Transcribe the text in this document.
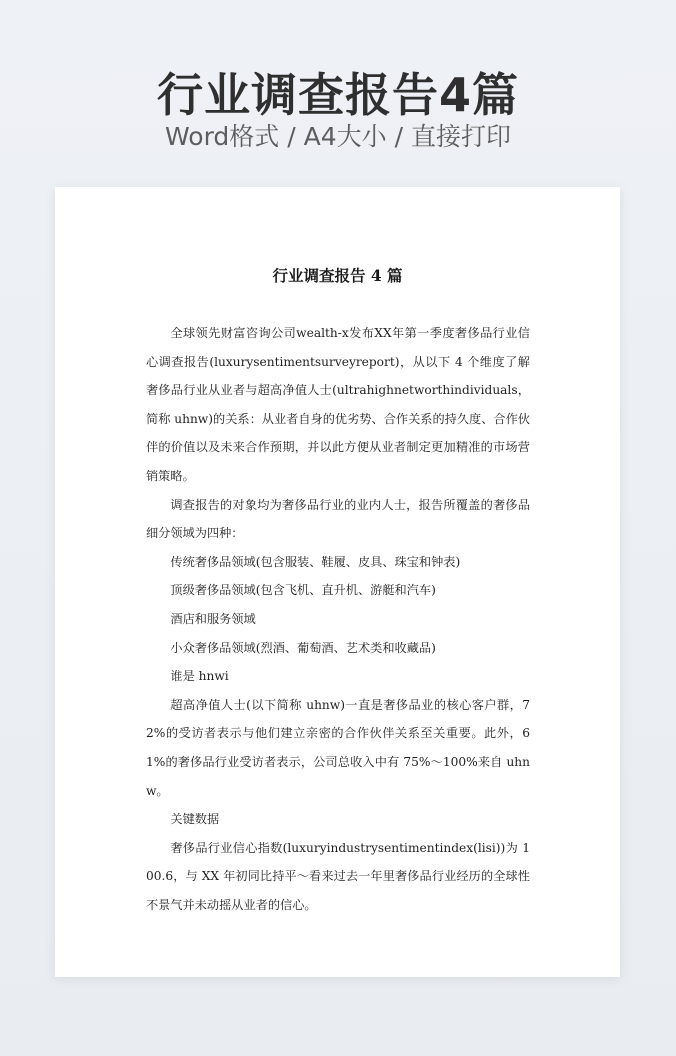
行业调查报告4篇
Word格式 / A4大小 / 直接打印
行业调查报告 4 篇

全球领先财富咨询公司wealth-x发布XX年第一季度奢侈品行业信心调查报告(luxurysentimentsurveyreport)，从以下 4 个维度了解奢侈品行业从业者与超高净值人士(ultrahighnetworthindividuals，简称 uhnw)的关系：从业者自身的优劣势、合作关系的持久度、合作伙伴的价值以及未来合作预期，并以此方便从业者制定更加精准的市场营销策略。

调查报告的对象均为奢侈品行业的业内人士，报告所覆盖的奢侈品细分领域为四种：

传统奢侈品领域(包含服装、鞋履、皮具、珠宝和钟表)

顶级奢侈品领域(包含飞机、直升机、游艇和汽车)

酒店和服务领域

小众奢侈品领域(烈酒、葡萄酒、艺术类和收藏品)

谁是 hnwi

超高净值人士(以下简称 uhnw)一直是奢侈品业的核心客户群，72%的受访者表示与他们建立亲密的合作伙伴关系至关重要。此外，61%的奢侈品行业受访者表示，公司总收入中有 75%～100%来自 uhnw。

关键数据

奢侈品行业信心指数(luxuryindustrysentimentindex(lisi))为 100.6，与 XX 年初同比持平～看来过去一年里奢侈品行业经历的全球性不景气并未动摇从业者的信心。
